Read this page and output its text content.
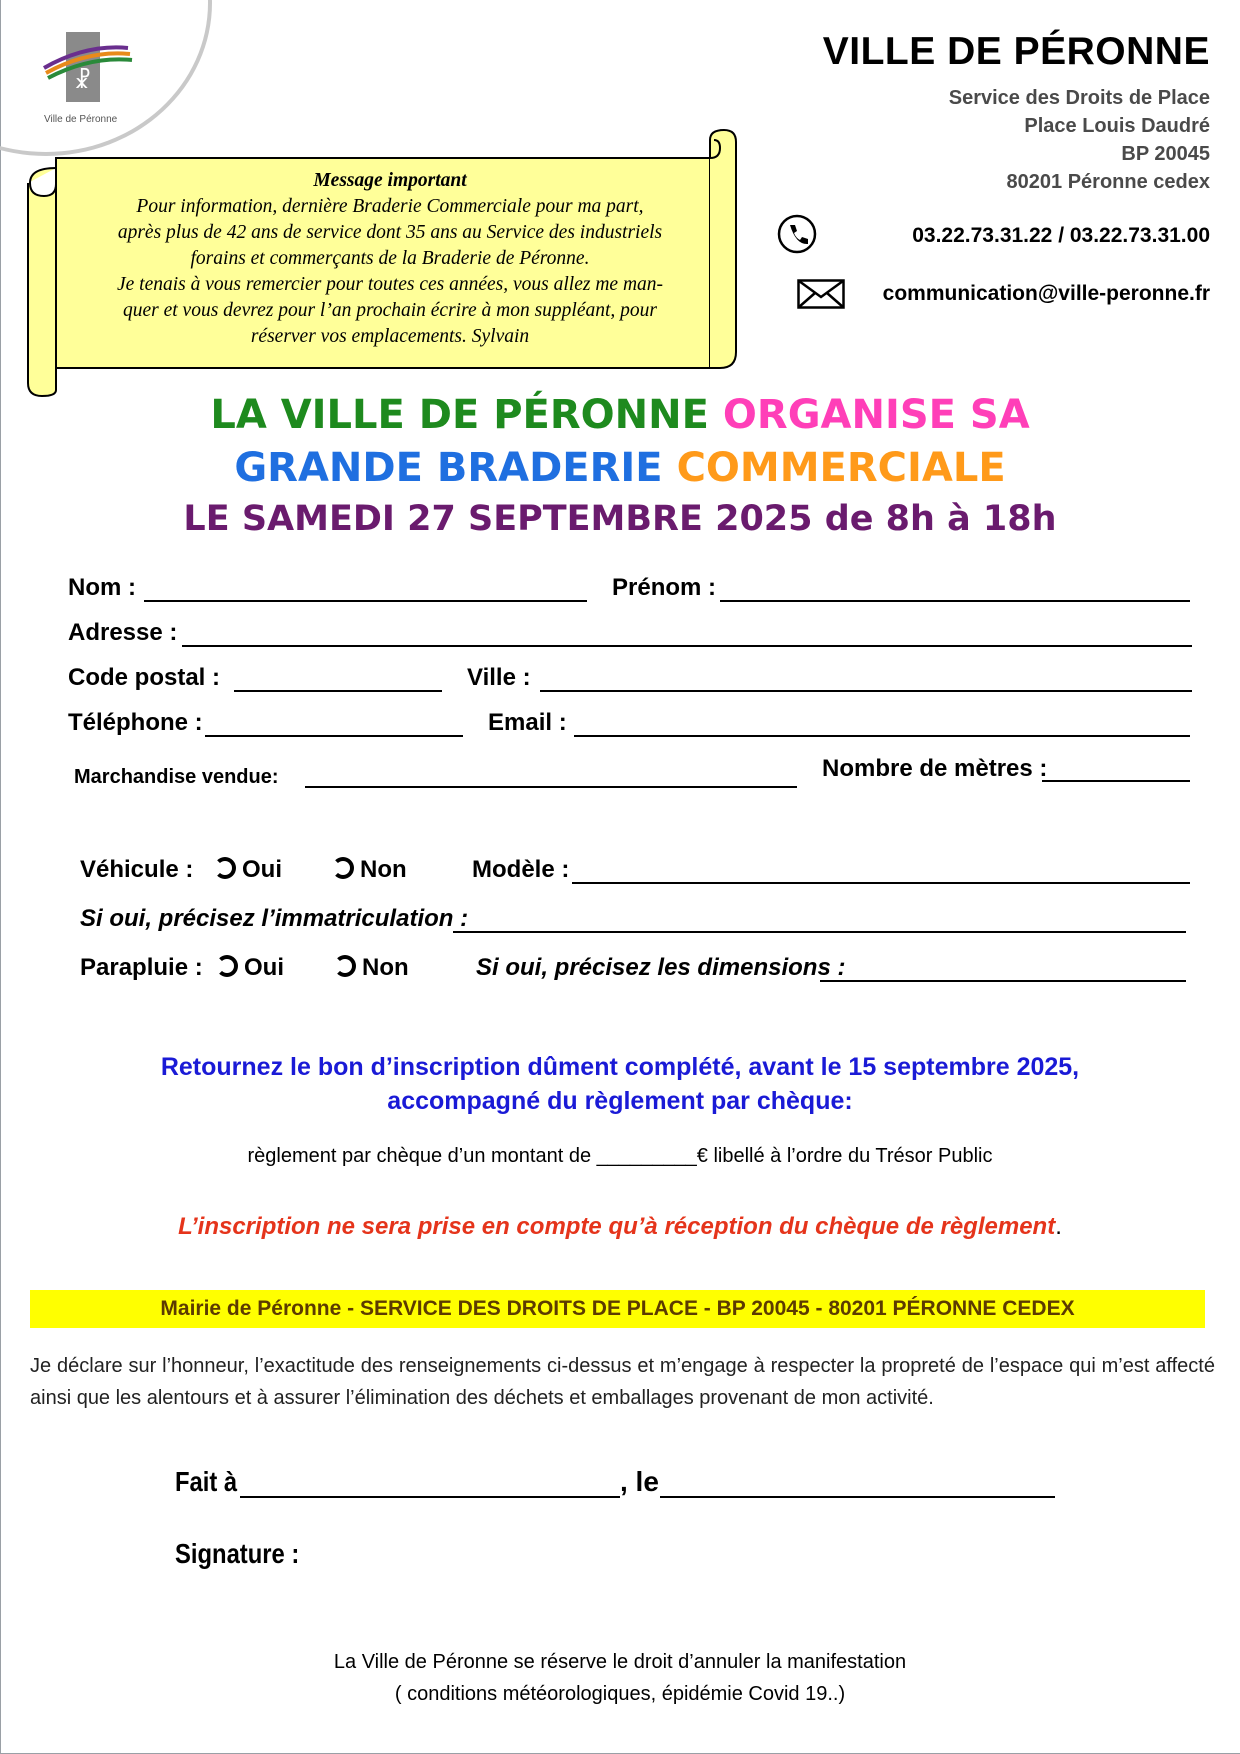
☧
Ville de Péronne
VILLE DE PÉRONNE
Service des Droits de Place
Place Louis Daudré
BP 20045
80201 Péronne cedex
03.22.73.31.22 / 03.22.73.31.00
communication@ville-peronne.fr
Message important
Pour information, dernière Braderie Commerciale pour ma part,
après plus de 42 ans de service dont 35 ans au Service des industriels
forains et commerçants de la Braderie de Péronne.
Je tenais à vous remercier pour toutes ces années, vous allez me man-
quer et vous devrez pour l’an prochain écrire à mon suppléant, pour
réserver vos emplacements. Sylvain
LA VILLE DE PÉRONNE ORGANISE SA
GRANDE BRADERIE COMMERCIALE
LE SAMEDI 27 SEPTEMBRE 2025 de 8h à 18h
Nom :	Prénom :
Adresse :
Code postal :	Ville :
Téléphone :	Email :
Marchandise vendue:	Nombre de mètres :
Véhicule :	Oui	Non	Modèle :
Si oui, précisez l’immatriculation :
Parapluie :	Oui	Non	Si oui, précisez les dimensions :
Retournez le bon d’inscription dûment complété, avant le 15 septembre 2025,
accompagné du règlement par chèque:
règlement par chèque d’un montant de _________€ libellé à l’ordre du Trésor Public
L’inscription ne sera prise en compte qu’à réception du chèque de règlement.
Mairie de Péronne - SERVICE DES DROITS DE PLACE - BP 20045 - 80201 PÉRONNE CEDEX
Je déclare sur l’honneur, l’exactitude des renseignements ci-dessus et m’engage à respecter la propreté de l’espace qui m’est affecté ainsi que les alentours et à assurer l’élimination des déchets et emballages provenant de mon activité.
Fait à	, le
Signature :
La Ville de Péronne se réserve le droit d’annuler la manifestation
( conditions météorologiques, épidémie Covid 19..)
